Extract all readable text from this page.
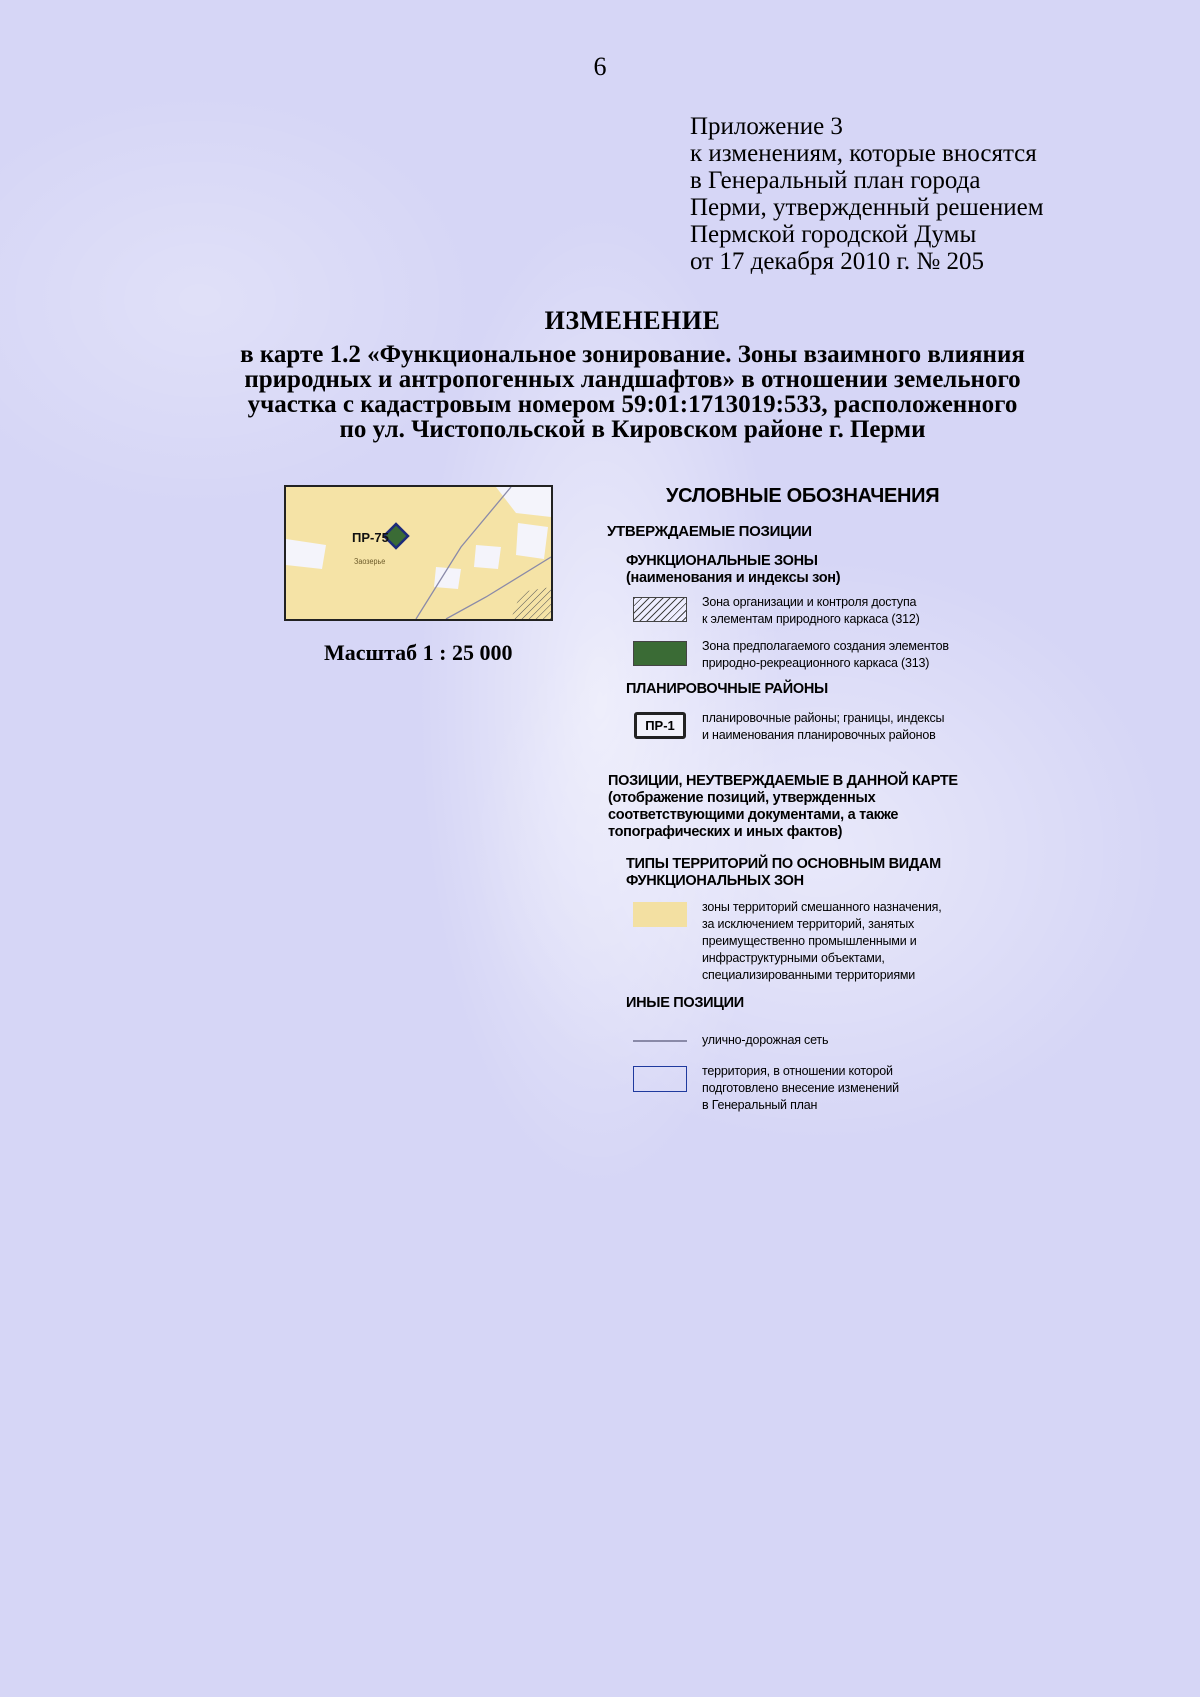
6
Приложение 3
к изменениям, которые вносятся
в Генеральный план города
Перми, утвержденный решением
Пермской городской Думы
от 17 декабря 2010 г. № 205
ИЗМЕНЕНИЕ
в карте 1.2 «Функциональное зонирование. Зоны взаимного влияния
природных и антропогенных ландшафтов» в отношении земельного
участка с кадастровым номером 59:01:1713019:533, расположенного
по ул. Чистопольской в Кировском районе г. Перми
ПР-75
Заозерье
Масштаб 1 : 25 000
УСЛОВНЫЕ ОБОЗНАЧЕНИЯ
УТВЕРЖДАЕМЫЕ ПОЗИЦИИ
ФУНКЦИОНАЛЬНЫЕ ЗОНЫ
(наименования и индексы зон)
Зона организации и контроля доступа
к элементам природного каркаса (312)
Зона предполагаемого создания элементов
природно-рекреационного каркаса (313)
ПЛАНИРОВОЧНЫЕ РАЙОНЫ
ПР-1	планировочные районы; границы, индексы
и наименования планировочных районов
ПОЗИЦИИ, НЕУТВЕРЖДАЕМЫЕ В ДАННОЙ КАРТЕ
(отображение позиций, утвержденных
соответствующими документами, а также
топографических и иных фактов)
ТИПЫ ТЕРРИТОРИЙ ПО ОСНОВНЫМ ВИДАМ
ФУНКЦИОНАЛЬНЫХ ЗОН
зоны территорий смешанного назначения,
за исключением территорий, занятых
преимущественно промышленными и
инфраструктурными объектами,
специализированными территориями
ИНЫЕ ПОЗИЦИИ
улично-дорожная сеть
территория, в отношении которой
подготовлено внесение изменений
в Генеральный план
